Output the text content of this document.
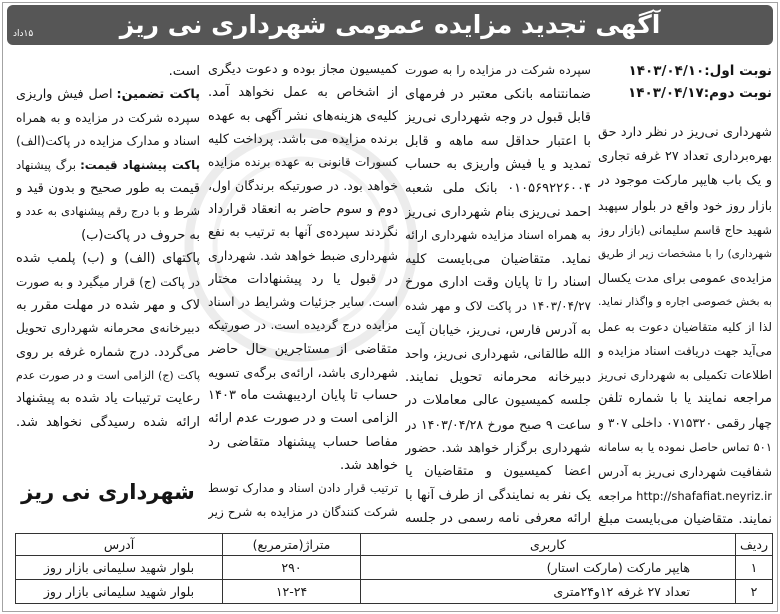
آگهی تجدید مزایده عمومی شهرداری نی ریز
۱۵داد
نوبت اول:۱۴۰۳/۰۴/۱۰
نوبت دوم:۱۴۰۳/۰۴/۱۷
شهرداری نی‌ریز در نظر دارد حق
بهره‌برداری تعداد ۲۷ غرفه تجاری
و یک باب هایپر مارکت موجود در
بازار روز خود واقع در بلوار سپهبد
شهید حاج قاسم سلیمانی (بازار روز
شهرداری) را با مشخصات زیر از طریق
مزایده‌ی عمومی برای مدت یکسال
به بخش خصوصی اجاره و واگذار نماید.
لذا از کلیه متقاضیان دعوت به عمل
می‌آید جهت دریافت اسناد مزایده و
اطلاعات تکمیلی به شهرداری نی‌ریز
مراجعه نمایند یا با شماره تلفن
چهار رقمی ۰۷۱۵۳۲۰ داخلی ۳۰۷ و
۵۰۱ تماس حاصل نموده یا به سامانه
شفافیت شهرداری نی‌ریز به آدرس
http://shafafiat.neyriz.ir مراجعه
نمایند. متقاضیان می‌بایست مبلغ
سپرده شرکت در مزایده را به صورت
ضمانتنامه بانکی معتبر در فرمهای
قابل قبول در وجه شهرداری نی‌ریز
با اعتبار حداقل سه ماهه و قابل
تمدید و یا فیش واریزی به حساب
۰۱۰۵۶۹۲۲۶۰۰۴ بانک ملی شعبه
احمد نی‌ریزی بنام شهرداری نی‌ریز
به همراه اسناد مزایده شهرداری ارائه
نماید. متقاضیان می‌بایست کلیه
اسناد را تا پایان وقت اداری مورخ
۱۴۰۳/۰۴/۲۷ در پاکت لاک و مهر شده
به آدرس فارس، نی‌ریز، خیابان آیت
الله طالقانی، شهرداری نی‌ریز، واحد
دبیرخانه محرمانه تحویل نمایند.
جلسه کمیسیون عالی معاملات در
ساعت ۹ صبح مورخ ۱۴۰۳/۰۴/۲۸ در
شهرداری برگزار خواهد شد. حضور
اعضا کمیسیون و متقاضیان یا
یک نفر به نمایندگی از طرف آنها با
ارائه معرفی نامه رسمی در جلسه
کمیسیون مجاز بوده و دعوت دیگری
از اشخاص به عمل نخواهد آمد.
کلیه‌ی هزینه‌های نشر آگهی به عهده
برنده مزایده می باشد. پرداخت کلیه
کسورات قانونی به عهده برنده مزایده
خواهد بود. در صورتیکه برندگان اول،
دوم و سوم حاضر به انعقاد قرارداد
نگردند سپرده‌ی آنها به ترتیب به نفع
شهرداری ضبط خواهد شد. شهرداری
در قبول یا رد پیشنهادات مختار
است. سایر جزئیات وشرایط در اسناد
مزایده درج گردیده است. در صورتیکه
متقاضی از مستاجرین حال حاضر
شهرداری باشد، ارائه‌ی برگه‌ی تسویه
حساب تا پایان اردیبهشت ماه ۱۴۰۳
الزامی است و در صورت عدم ارائه
مفاصا حساب پیشنهاد متقاضی رد
خواهد شد.
ترتیب قرار دادن اسناد و مدارک توسط
شرکت کنندگان در مزایده به شرح زیر
است.
پاکت تضمین:اصل فیش واریزی
سپرده شرکت در مزایده و به همراه
اسناد و مدارک مزایده در پاکت(الف)
پاکت پیشنهاد قیمت:برگ پیشنهاد
قیمت به طور صحیح و بدون قید و
شرط و با درج رقم پیشنهادی به عدد و
به حروف در پاکت(ب)
پاکتهای (الف) و (ب) پلمب شده
در پاکت (ج) قرار میگیرد و به صورت
لاک و مهر شده در مهلت مقرر به
دبیرخانه‌ی محرمانه شهرداری تحویل
می‌گردد. درج شماره غرفه بر روی
پاکت (ج) الزامی است و در صورت عدم
رعایت ترتیبات یاد شده به پیشنهاد
ارائه شده رسیدگی نخواهد شد.
شهرداری نی ریز
ردیف	کاربری	متراژ(مترمربع)	آدرس
۱	هایپر مارکت (مارکت استار)	۲۹۰	بلوار شهید سلیمانی بازار روز
۲	تعداد ۲۷ غرفه ۱۲و۲۴متری	۱۲-۲۴	بلوار شهید سلیمانی بازار روز
